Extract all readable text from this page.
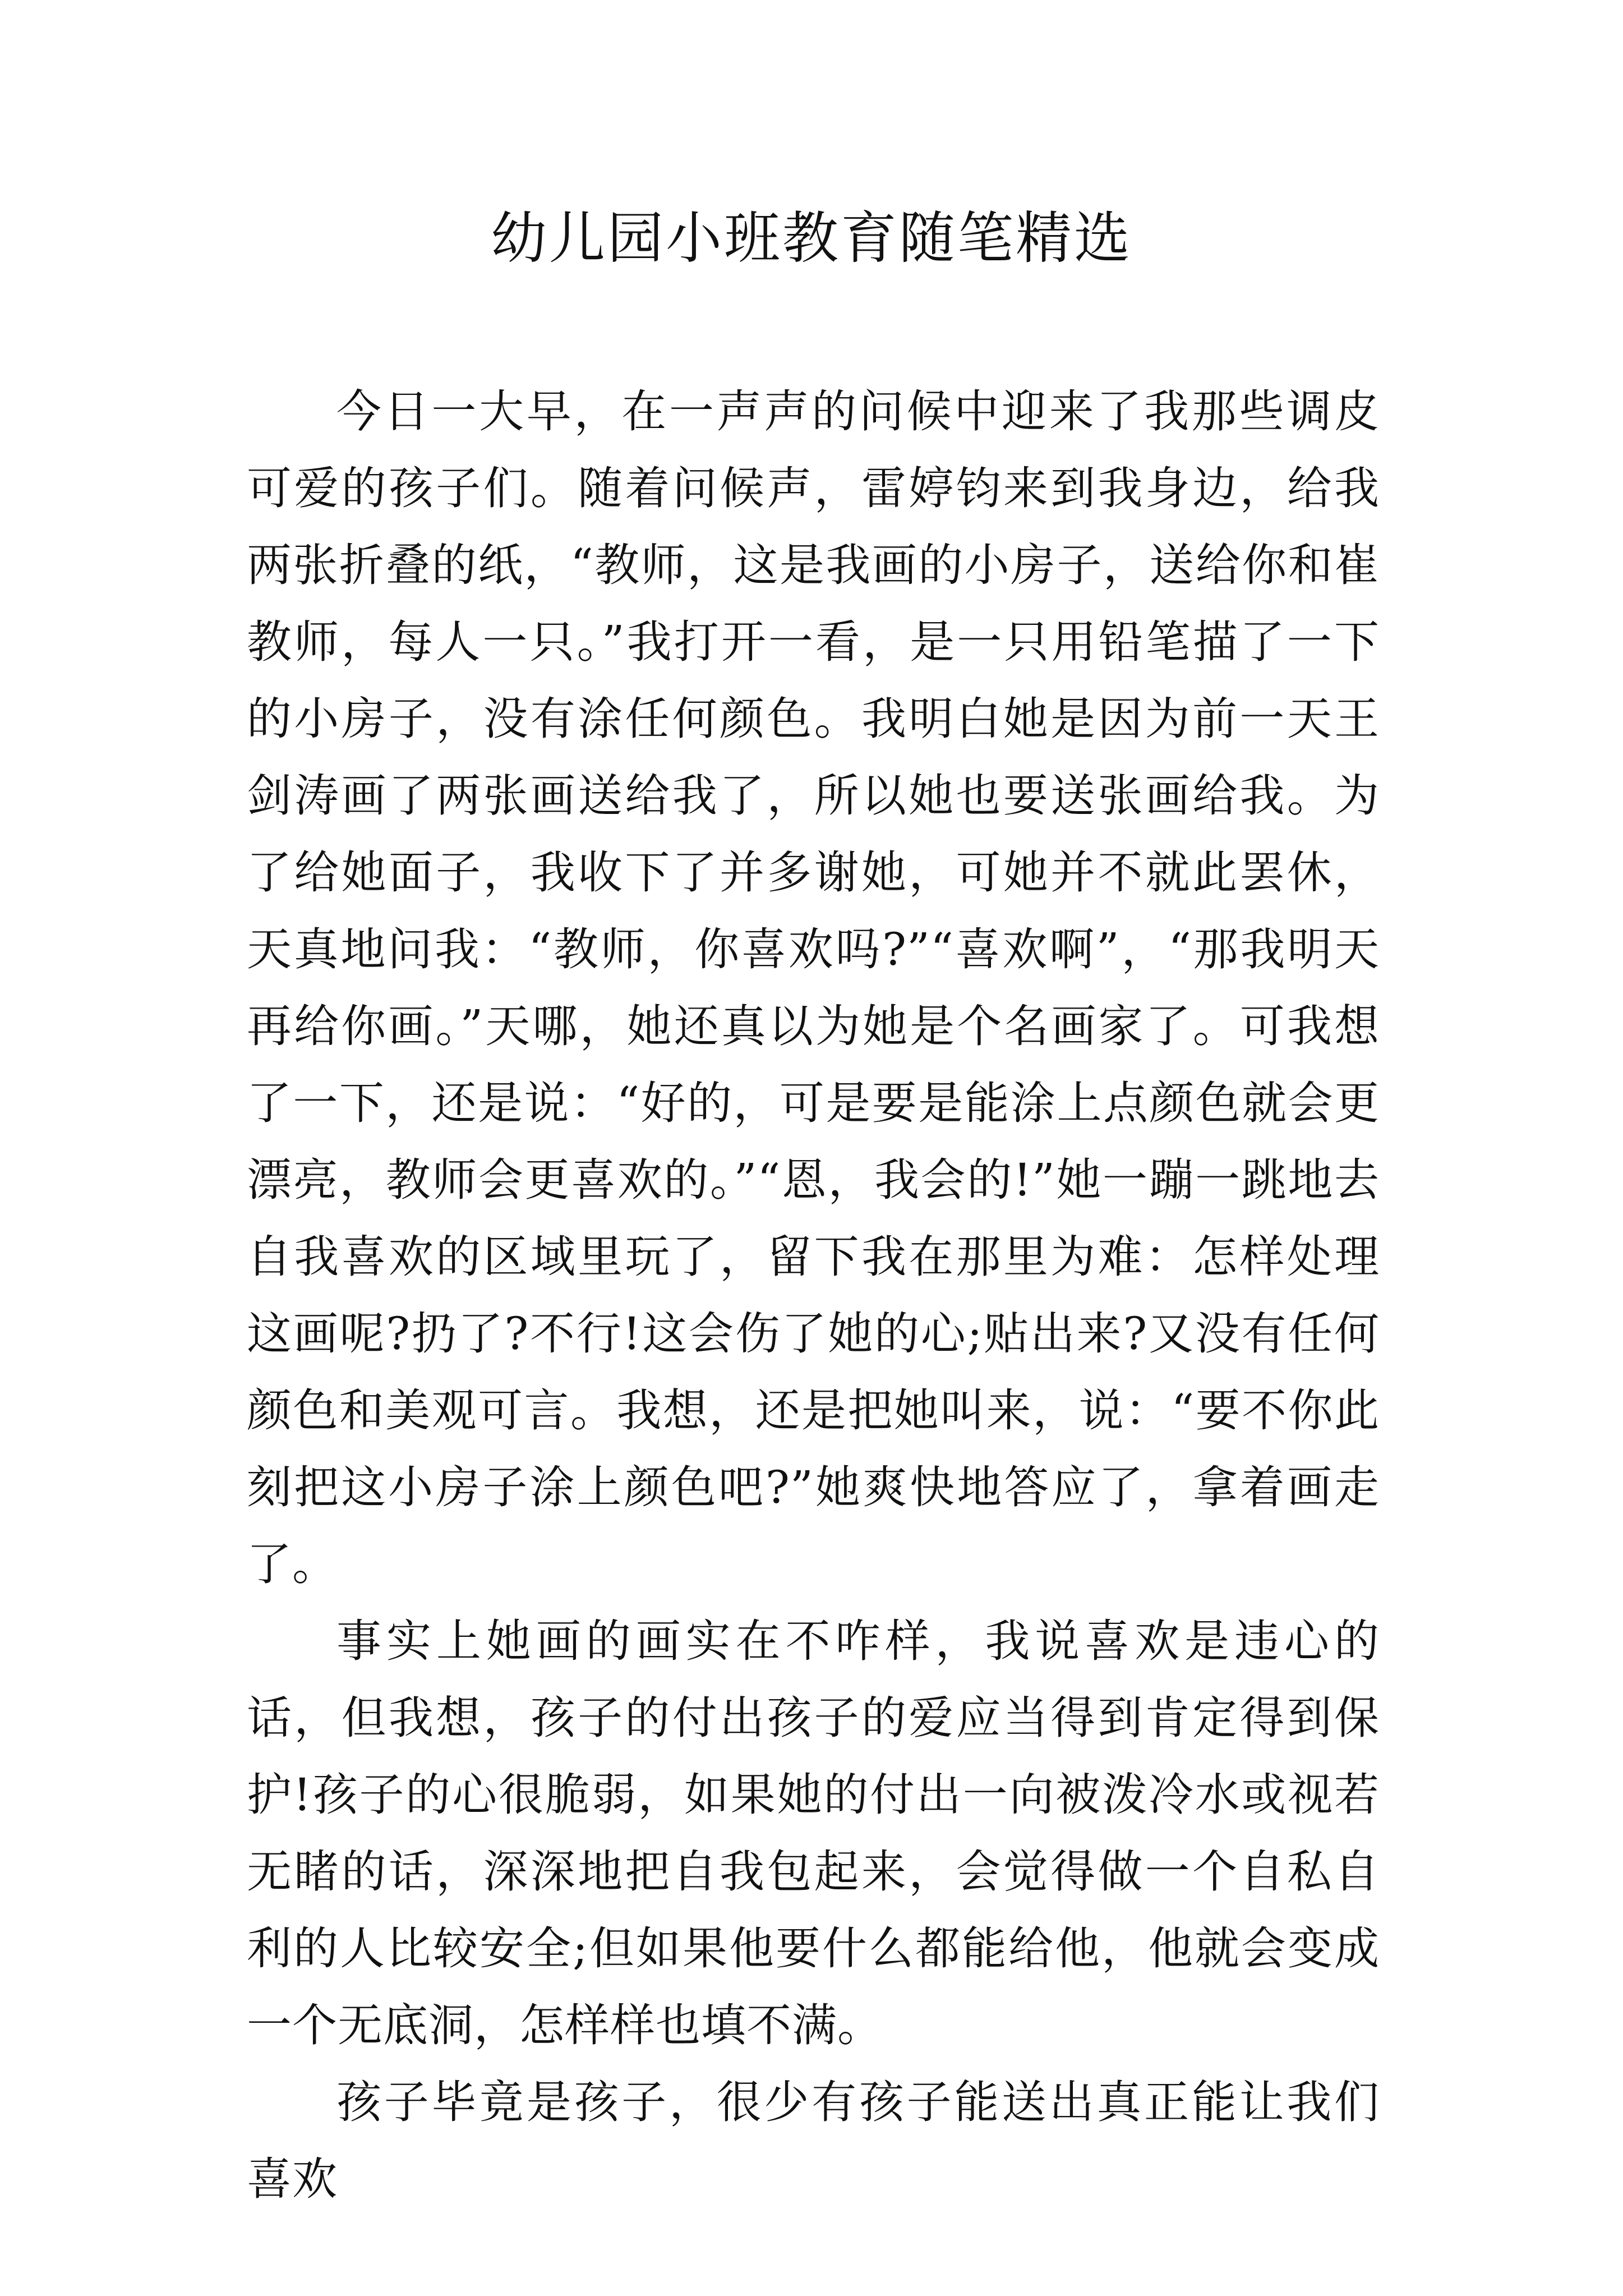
幼儿园小班教育随笔精选

今日一大早，在一声声的问候中迎来了我那些调皮可爱的孩子们。随着问候声，雷婷钧来到我身边，给我两张折叠的纸，“教师，这是我画的小房子，送给你和崔教师，每人一只。”我打开一看，是一只用铅笔描了一下的小房子，没有涂任何颜色。我明白她是因为前一天王剑涛画了两张画送给我了，所以她也要送张画给我。为了给她面子，我收下了并多谢她，可她并不就此罢休，天真地问我：“教师，你喜欢吗?”“喜欢啊”，“那我明天再给你画。”天哪，她还真以为她是个名画家了。可我想了一下，还是说：“好的，可是要是能涂上点颜色就会更漂亮，教师会更喜欢的。”“恩，我会的!”她一蹦一跳地去自我喜欢的区域里玩了，留下我在那里为难：怎样处理这画呢?扔了?不行!这会伤了她的心;贴出来?又没有任何颜色和美观可言。我想，还是把她叫来，说：“要不你此刻把这小房子涂上颜色吧?”她爽快地答应了，拿着画走了。

事实上她画的画实在不咋样，我说喜欢是违心的话，但我想，孩子的付出孩子的爱应当得到肯定得到保护!孩子的心很脆弱，如果她的付出一向被泼冷水或视若无睹的话，深深地把自我包起来，会觉得做一个自私自利的人比较安全;但如果他要什么都能给他，他就会变成一个无底洞，怎样样也填不满。

孩子毕竟是孩子，很少有孩子能送出真正能让我们喜欢
